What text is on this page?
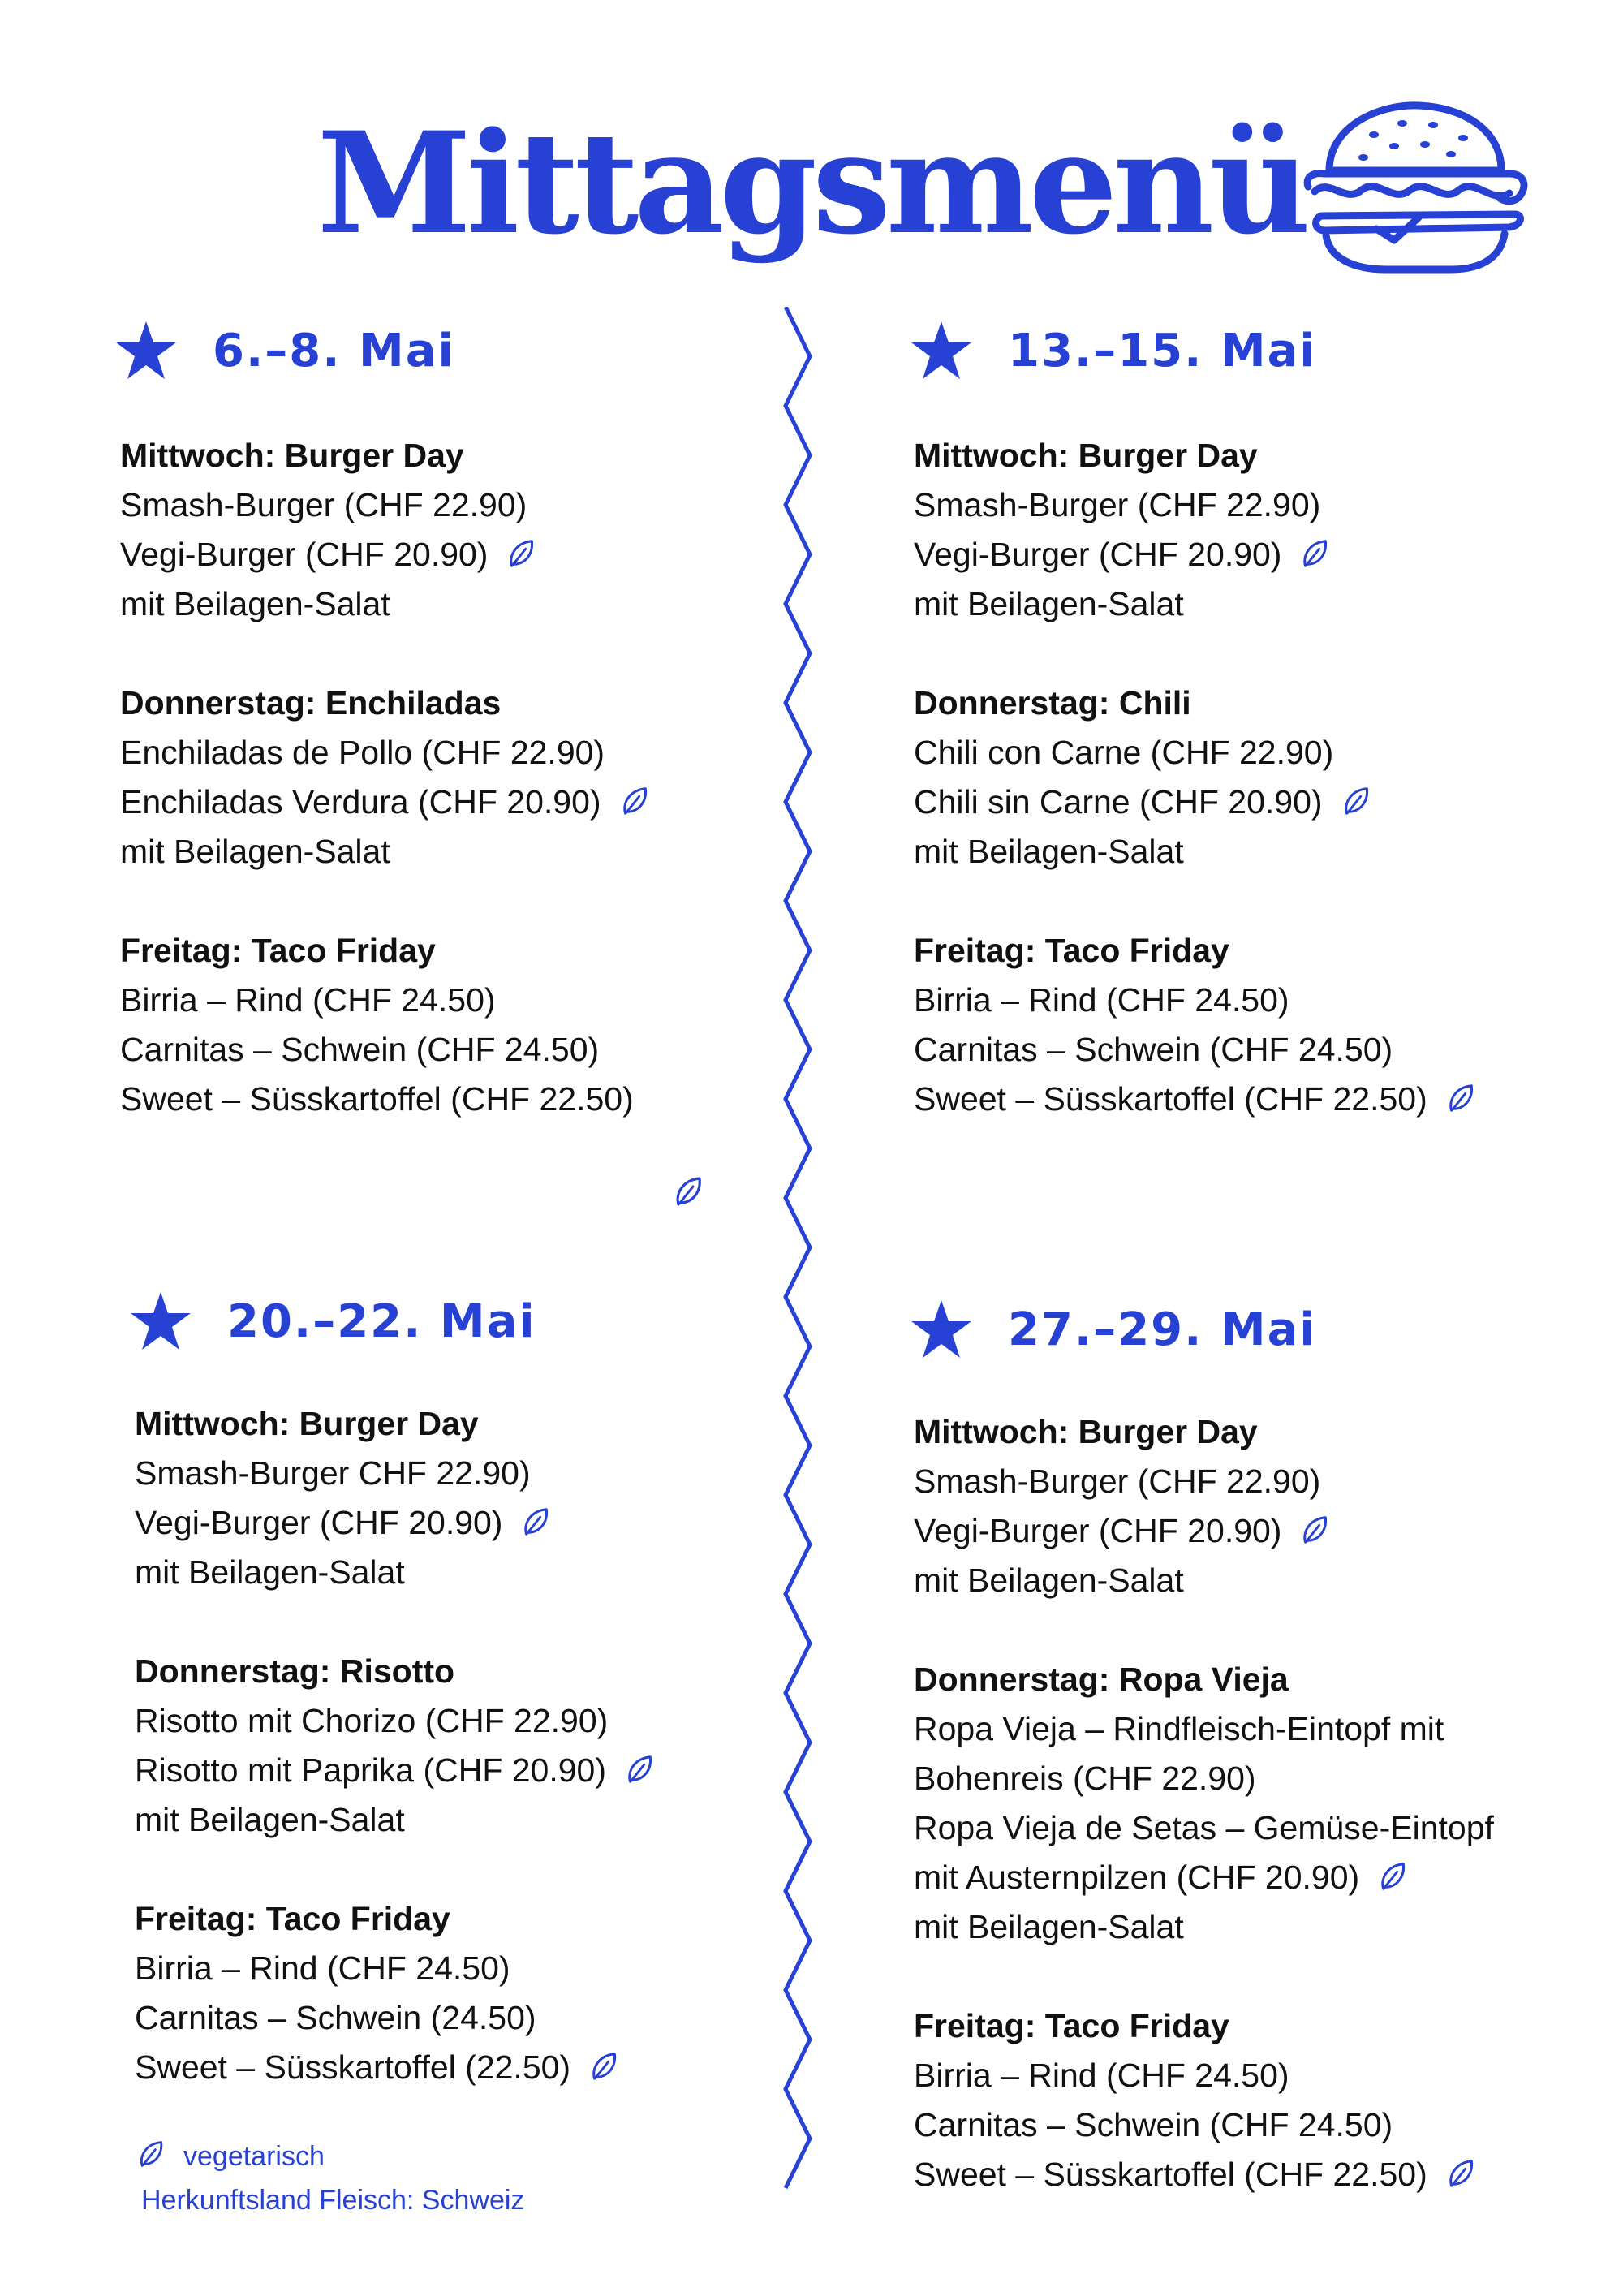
Mittagsmenü
6.–8. Mai
Mittwoch: Burger Day
Smash-Burger (CHF 22.90)
Vegi-Burger (CHF 20.90)
mit Beilagen-Salat
Donnerstag: Enchiladas
Enchiladas de Pollo (CHF 22.90)
Enchiladas Verdura (CHF 20.90)
mit Beilagen-Salat
Freitag: Taco Friday
Birria – Rind (CHF 24.50)
Carnitas – Schwein (CHF 24.50)
Sweet – Süsskartoffel (CHF 22.50)
13.–15. Mai
Mittwoch: Burger Day
Smash-Burger (CHF 22.90)
Vegi-Burger (CHF 20.90)
mit Beilagen-Salat
Donnerstag: Chili
Chili con Carne (CHF 22.90)
Chili sin Carne (CHF 20.90)
mit Beilagen-Salat
Freitag: Taco Friday
Birria – Rind (CHF 24.50)
Carnitas – Schwein (CHF 24.50)
Sweet – Süsskartoffel (CHF 22.50)
20.–22. Mai
Mittwoch: Burger Day
Smash-Burger CHF 22.90)
Vegi-Burger (CHF 20.90)
mit Beilagen-Salat
Donnerstag: Risotto
Risotto mit Chorizo (CHF 22.90)
Risotto mit Paprika (CHF 20.90)
mit Beilagen-Salat
Freitag: Taco Friday
Birria – Rind (CHF 24.50)
Carnitas – Schwein (24.50)
Sweet – Süsskartoffel (22.50)
27.–29. Mai
Mittwoch: Burger Day
Smash-Burger (CHF 22.90)
Vegi-Burger (CHF 20.90)
mit Beilagen-Salat
Donnerstag: Ropa Vieja
Ropa Vieja – Rindfleisch-Eintopf mit
Bohenreis (CHF 22.90)
Ropa Vieja de Setas – Gemüse-Eintopf
mit Austernpilzen (CHF 20.90)
mit Beilagen-Salat
Freitag: Taco Friday
Birria – Rind (CHF 24.50)
Carnitas – Schwein (CHF 24.50)
Sweet – Süsskartoffel (CHF 22.50)
vegetarisch
Herkunftsland Fleisch: Schweiz
